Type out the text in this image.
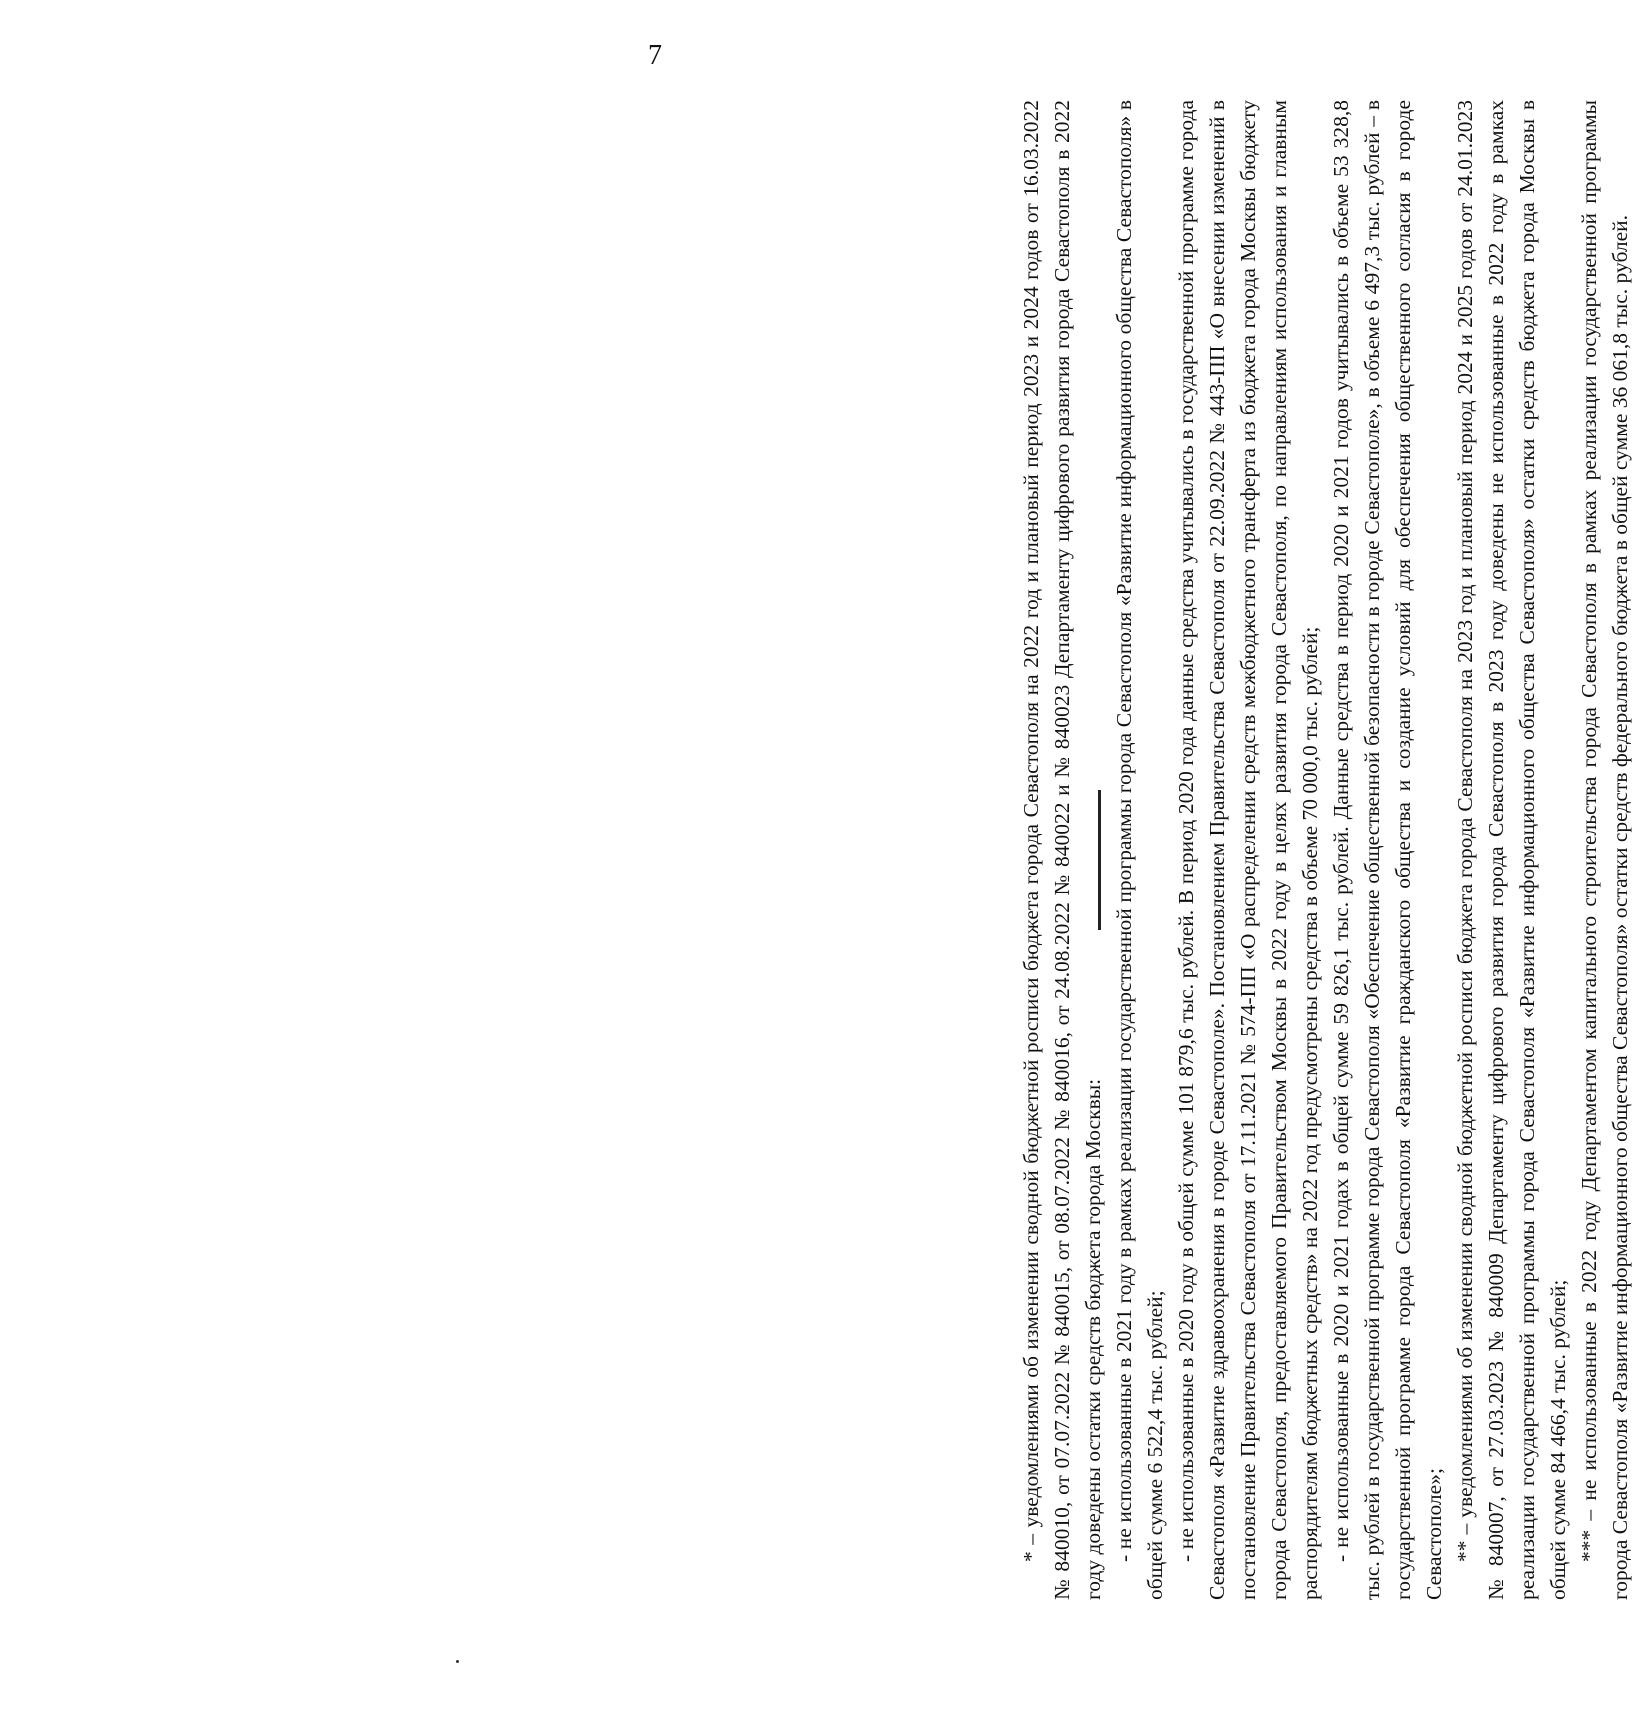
7

* – уведомлениями об изменении сводной бюджетной росписи бюджета города Севастополя на 2022 год и плановый период 2023 и 2024 годов от 16.03.2022 № 840010, от 07.07.2022 № 840015, от 08.07.2022 № 840016, от 24.08.2022 № 840022 и № 840023 Департаменту цифрового развития города Севастополя в 2022 году доведены остатки средств бюджета города Москвы: - не использованные в 2021 году в рамках реализации государственной программы города Севастополя «Развитие информационного общества Севастополя» в общей сумме 6 522,4 тыс. рублей; - не использованные в 2020 году в общей сумме 101 879,6 тыс. рублей. В период 2020 года данные средства учитывались в государственной программе города Севастополя «Развитие здравоохранения в городе Севастополе». Постановлением Правительства Севастополя от 22.09.2022 № 443-ПП «О внесении изменений в постановление Правительства Севастополя от 17.11.2021 № 574-ПП «О распределении средств межбюджетного трансферта из бюджета города Москвы бюджету города Севастополя, предоставляемого Правительством Москвы в 2022 году в целях развития города Севастополя, по направлениям использования и главным распорядителям бюджетных средств» на 2022 год предусмотрены средства в объеме 70 000,0 тыс. рублей; - не использованные в 2020 и 2021 годах в общей сумме 59 826,1 тыс. рублей. Данные средства в период 2020 и 2021 годов учитывались в объеме 53 328,8 тыс. рублей в государственной программе города Севастополя «Обеспечение общественной безопасности в городе Севастополе», в объеме 6 497,3 тыс. рублей – в государственной программе города Севастополя «Развитие гражданского общества и создание условий для обеспечения общественного согласия в городе Севастополе»; ** – уведомлениями об изменении сводной бюджетной росписи бюджета города Севастополя на 2023 год и плановый период 2024 и 2025 годов от 24.01.2023 № 840007, от 27.03.2023 № 840009 Департаменту цифрового развития города Севастополя в 2023 году доведены не использованные в 2022 году в рамках реализации государственной программы города Севастополя «Развитие информационного общества Севастополя» остатки средств бюджета города Москвы в общей сумме 84 466,4 тыс. рублей; *** – не использованные в 2022 году Департаментом капитального строительства города Севастополя в рамках реализации государственной программы города Севастополя «Развитие информационного общества Севастополя» остатки средств федерального бюджета в общей сумме 36 061,8 тыс. рублей.
